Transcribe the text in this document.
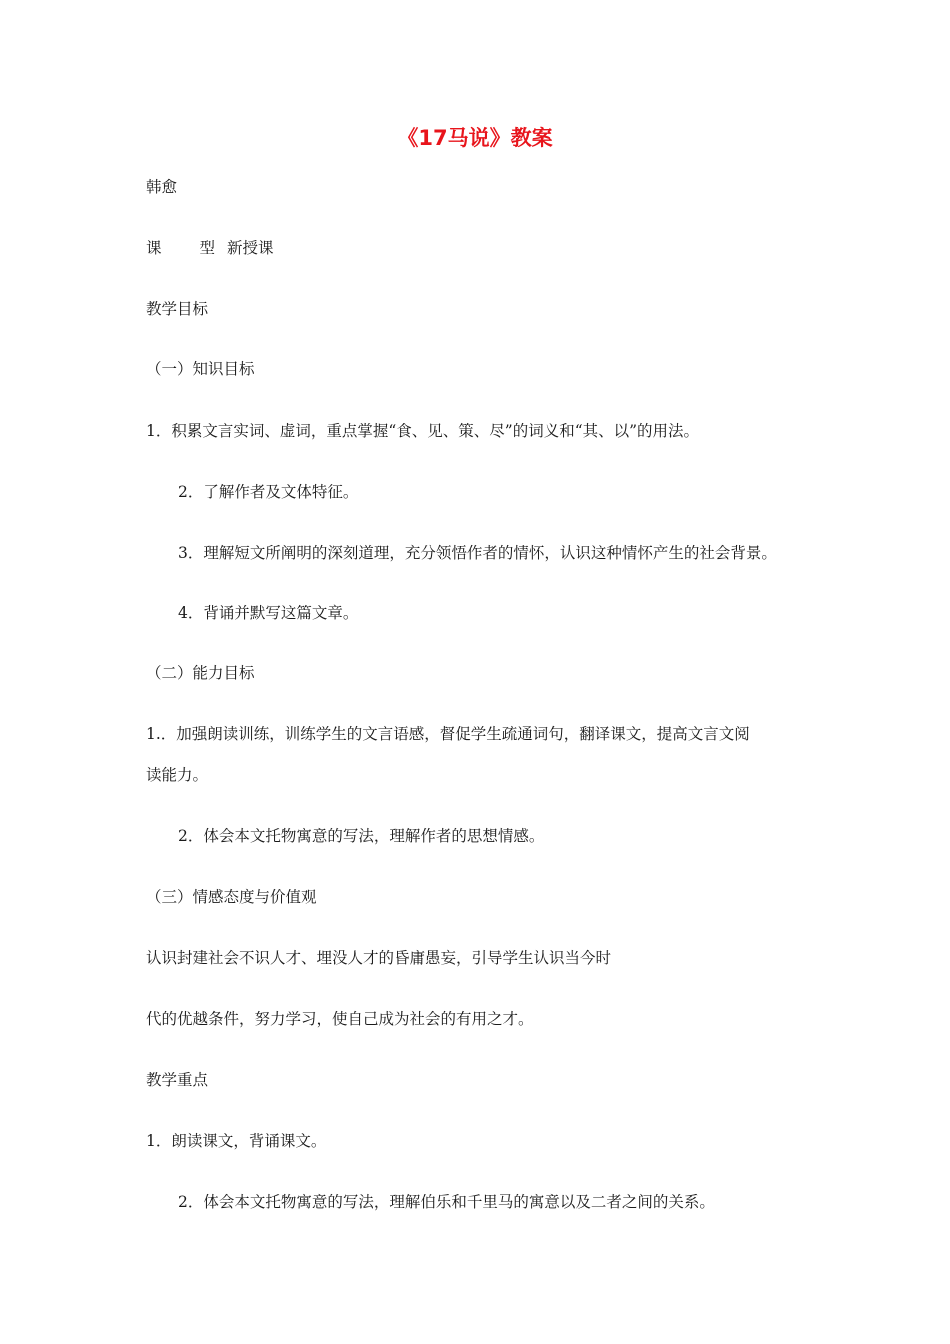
《17马说》教案
韩愈
课 型 新授课
教学目标
（一）知识目标
1．积累文言实词、虚词，重点掌握“食、见、策、尽”的词义和“其、以”的用法。
2．了解作者及文体特征。
3．理解短文所阐明的深刻道理，充分领悟作者的情怀，认识这种情怀产生的社会背景。
4．背诵并默写这篇文章。
（二）能力目标
1.．加强朗读训练，训练学生的文言语感，督促学生疏通词句，翻译课文，提高文言文阅
读能力。
2．体会本文托物寓意的写法，理解作者的思想情感。
（三）情感态度与价值观
认识封建社会不识人才、埋没人才的昏庸愚妄，引导学生认识当今时
代的优越条件，努力学习，使自己成为社会的有用之才。
教学重点
1．朗读课文，背诵课文。
2．体会本文托物寓意的写法，理解伯乐和千里马的寓意以及二者之间的关系。
